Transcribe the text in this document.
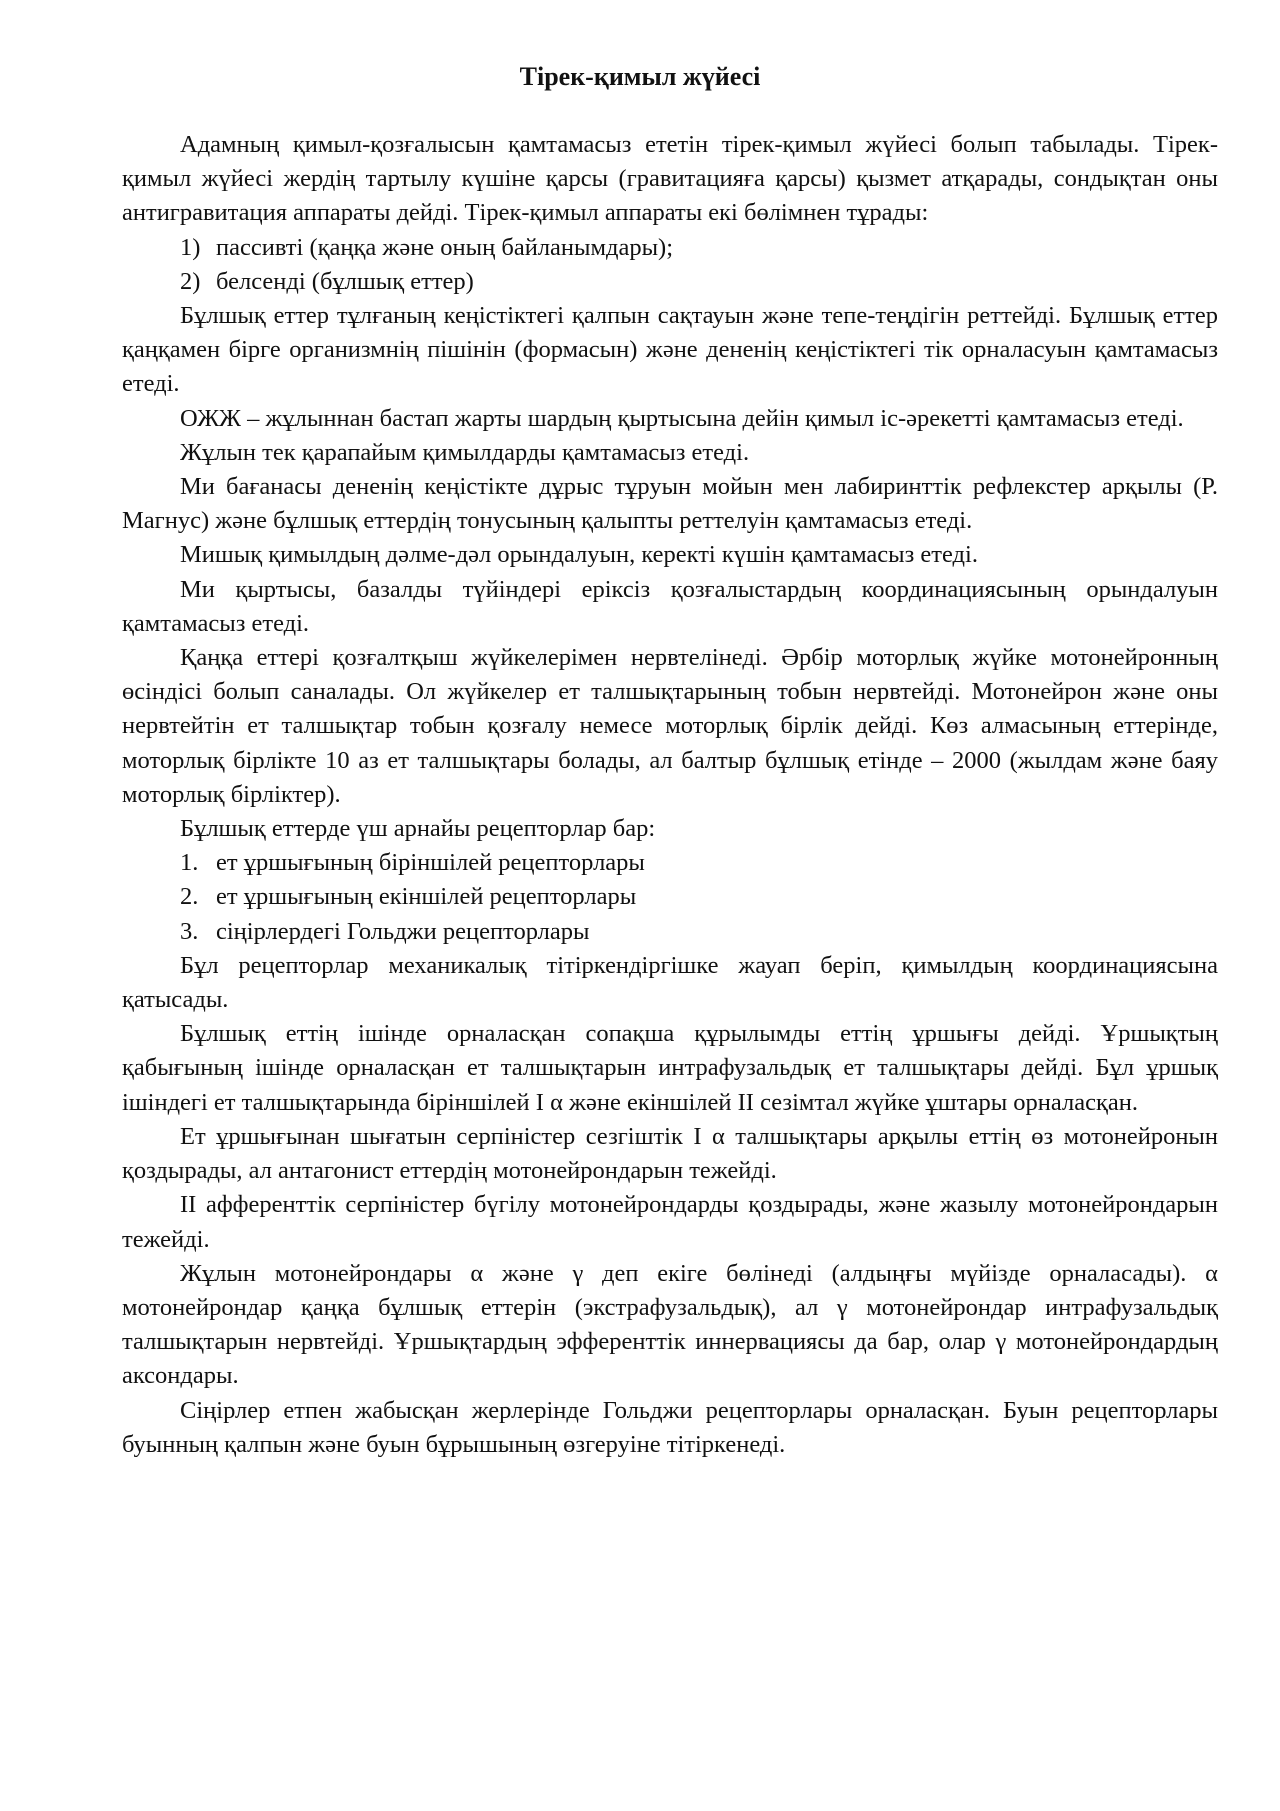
Тірек-қимыл жүйесі

Адамның қимыл-қозғалысын қамтамасыз ететін тірек-қимыл жүйесі болып табылады. Тірек-қимыл жүйесі жердің тартылу күшіне қарсы (гравитацияға қарсы) қызмет атқарады, сондықтан оны антигравитация аппараты дейді. Тірек-қимыл аппараты екі бөлімнен тұрады:

1) пассивті (қаңқа және оның байланымдары);
2) белсенді (бұлшық еттер)

Бұлшық еттер тұлғаның кеңістіктегі қалпын сақтауын және тепе-теңдігін реттейді. Бұлшық еттер қаңқамен бірге организмнің пішінін (формасын) және дененің кеңістіктегі тік орналасуын қамтамасыз етеді.

ОЖЖ – жұлыннан бастап жарты шардың қыртысына дейін қимыл іс-әрекетті қамтамасыз етеді.

Жұлын тек қарапайым қимылдарды қамтамасыз етеді.

Ми бағанасы дененің кеңістікте дұрыс тұруын мойын мен лабиринттік рефлекстер арқылы (Р. Магнус) және бұлшық еттердің тонусының қалыпты реттелуін қамтамасыз етеді.

Мишық қимылдың дәлме-дәл орындалуын, керекті күшін қамтамасыз етеді.

Ми қыртысы, базалды түйіндері еріксіз қозғалыстардың координациясының орындалуын қамтамасыз етеді.

Қаңқа еттері қозғалтқыш жүйкелерімен нервтелінеді. Әрбір моторлық жүйке мотонейронның өсіндісі болып саналады. Ол жүйкелер ет талшықтарының тобын нервтейді. Мотонейрон және оны нервтейтін ет талшықтар тобын қозғалу немесе моторлық бірлік дейді. Көз алмасының еттерінде, моторлық бірлікте 10 аз ет талшықтары болады, ал балтыр бұлшық етінде – 2000 (жылдам және баяу моторлық бірліктер).

Бұлшық еттерде үш арнайы рецепторлар бар:

1. ет ұршығының біріншілей рецепторлары
2. ет ұршығының екіншілей рецепторлары
3. сіңірлердегі Гольджи рецепторлары

Бұл рецепторлар механикалық тітіркендіргішке жауап беріп, қимылдың координациясына қатысады.

Бұлшық еттің ішінде орналасқан сопақша құрылымды еттің ұршығы дейді. Ұршықтың қабығының ішінде орналасқан ет талшықтарын интрафузальдық ет талшықтары дейді. Бұл ұршық ішіндегі ет талшықтарында біріншілей І α және екіншілей ІІ сезімтал жүйке ұштары орналасқан.

Ет ұршығынан шығатын серпіністер сезгіштік І α талшықтары арқылы еттің өз мотонейронын қоздырады, ал антагонист еттердің мотонейрондарын тежейді.

ІІ афференттік серпіністер бүгілу мотонейрондарды қоздырады, және жазылу мотонейрондарын тежейді.

Жұлын мотонейрондары α және γ деп екіге бөлінеді (алдыңғы мүйізде орналасады). α мотонейрондар қаңқа бұлшық еттерін (экстрафузальдық), ал γ мотонейрондар интрафузальдық талшықтарын нервтейді. Ұршықтардың эфференттік иннервациясы да бар, олар γ мотонейрондардың аксондары.

Сіңірлер етпен жабысқан жерлерінде Гольджи рецепторлары орналасқан. Буын рецепторлары буынның қалпын және буын бұрышының өзгеруіне тітіркенеді.
